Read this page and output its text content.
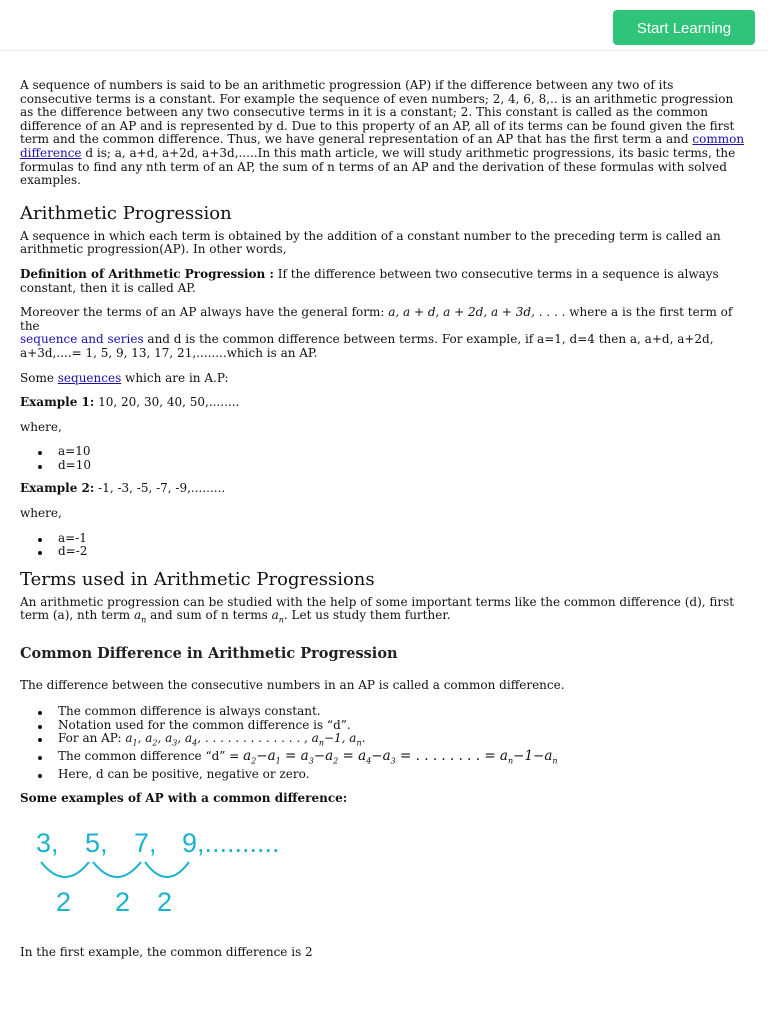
Start Learning

A sequence of numbers is said to be an arithmetic progression (AP) if the difference between any two of its consecutive terms is a constant. For example the sequence of even numbers; 2, 4, 6, 8,.. is an arithmetic progression as the difference between any two consecutive terms in it is a constant; 2. This constant is called as the common difference of an AP and is represented by d. Due to this property of an AP, all of its terms can be found given the first term and the common difference. Thus, we have general representation of an AP that has the first term a and common difference d is; a, a+d, a+2d, a+3d,.....In this math article, we will study arithmetic progressions, its basic terms, the formulas to find any nth term of an AP, the sum of n terms of an AP and the derivation of these formulas with solved examples.

Arithmetic Progression

A sequence in which each term is obtained by the addition of a constant number to the preceding term is called an arithmetic progression(AP). In other words,

Definition of Arithmetic Progression : If the difference between two consecutive terms in a sequence is always constant, then it is called AP.

Moreover the terms of an AP always have the general form: a, a + d, a + 2d, a + 3d, . . . . where a is the first term of the
sequence and series and d is the common difference between terms. For example, if a=1, d=4 then a, a+d, a+2d, a+3d,....= 1, 5, 9, 13, 17, 21,........which is an AP.

Some sequences which are in A.P:

Example 1: 10, 20, 30, 40, 50,........

where,

a=10
d=10

Example 2: -1, -3, -5, -7, -9,.........

where,

a=-1
d=-2
Terms used in Arithmetic Progressions

An arithmetic progression can be studied with the help of some important terms like the common difference (d), first term (a), nth term $a_n$ and sum of n terms $a_n$. Let us study them further.

Common Difference in Arithmetic Progression

The difference between the consecutive numbers in an AP is called a common difference.

The common difference is always constant.
Notation used for the common difference is “d”.
For an AP: $a_1$, $a_2$, $a_3$, $a_4$, . . . . . . . . . . . . . , $a_n-1$, $a_n$.
The common difference “d” = $a_2-a_1 = a_3-a_2 = a_4-a_3$ = . . . . . . . . = $a_n-1-a_n$
Here, d can be positive, negative or zero.

Some examples of AP with a common difference:

3, 5, 7, 9,..........
2 2 2

In the first example, the common difference is 2
